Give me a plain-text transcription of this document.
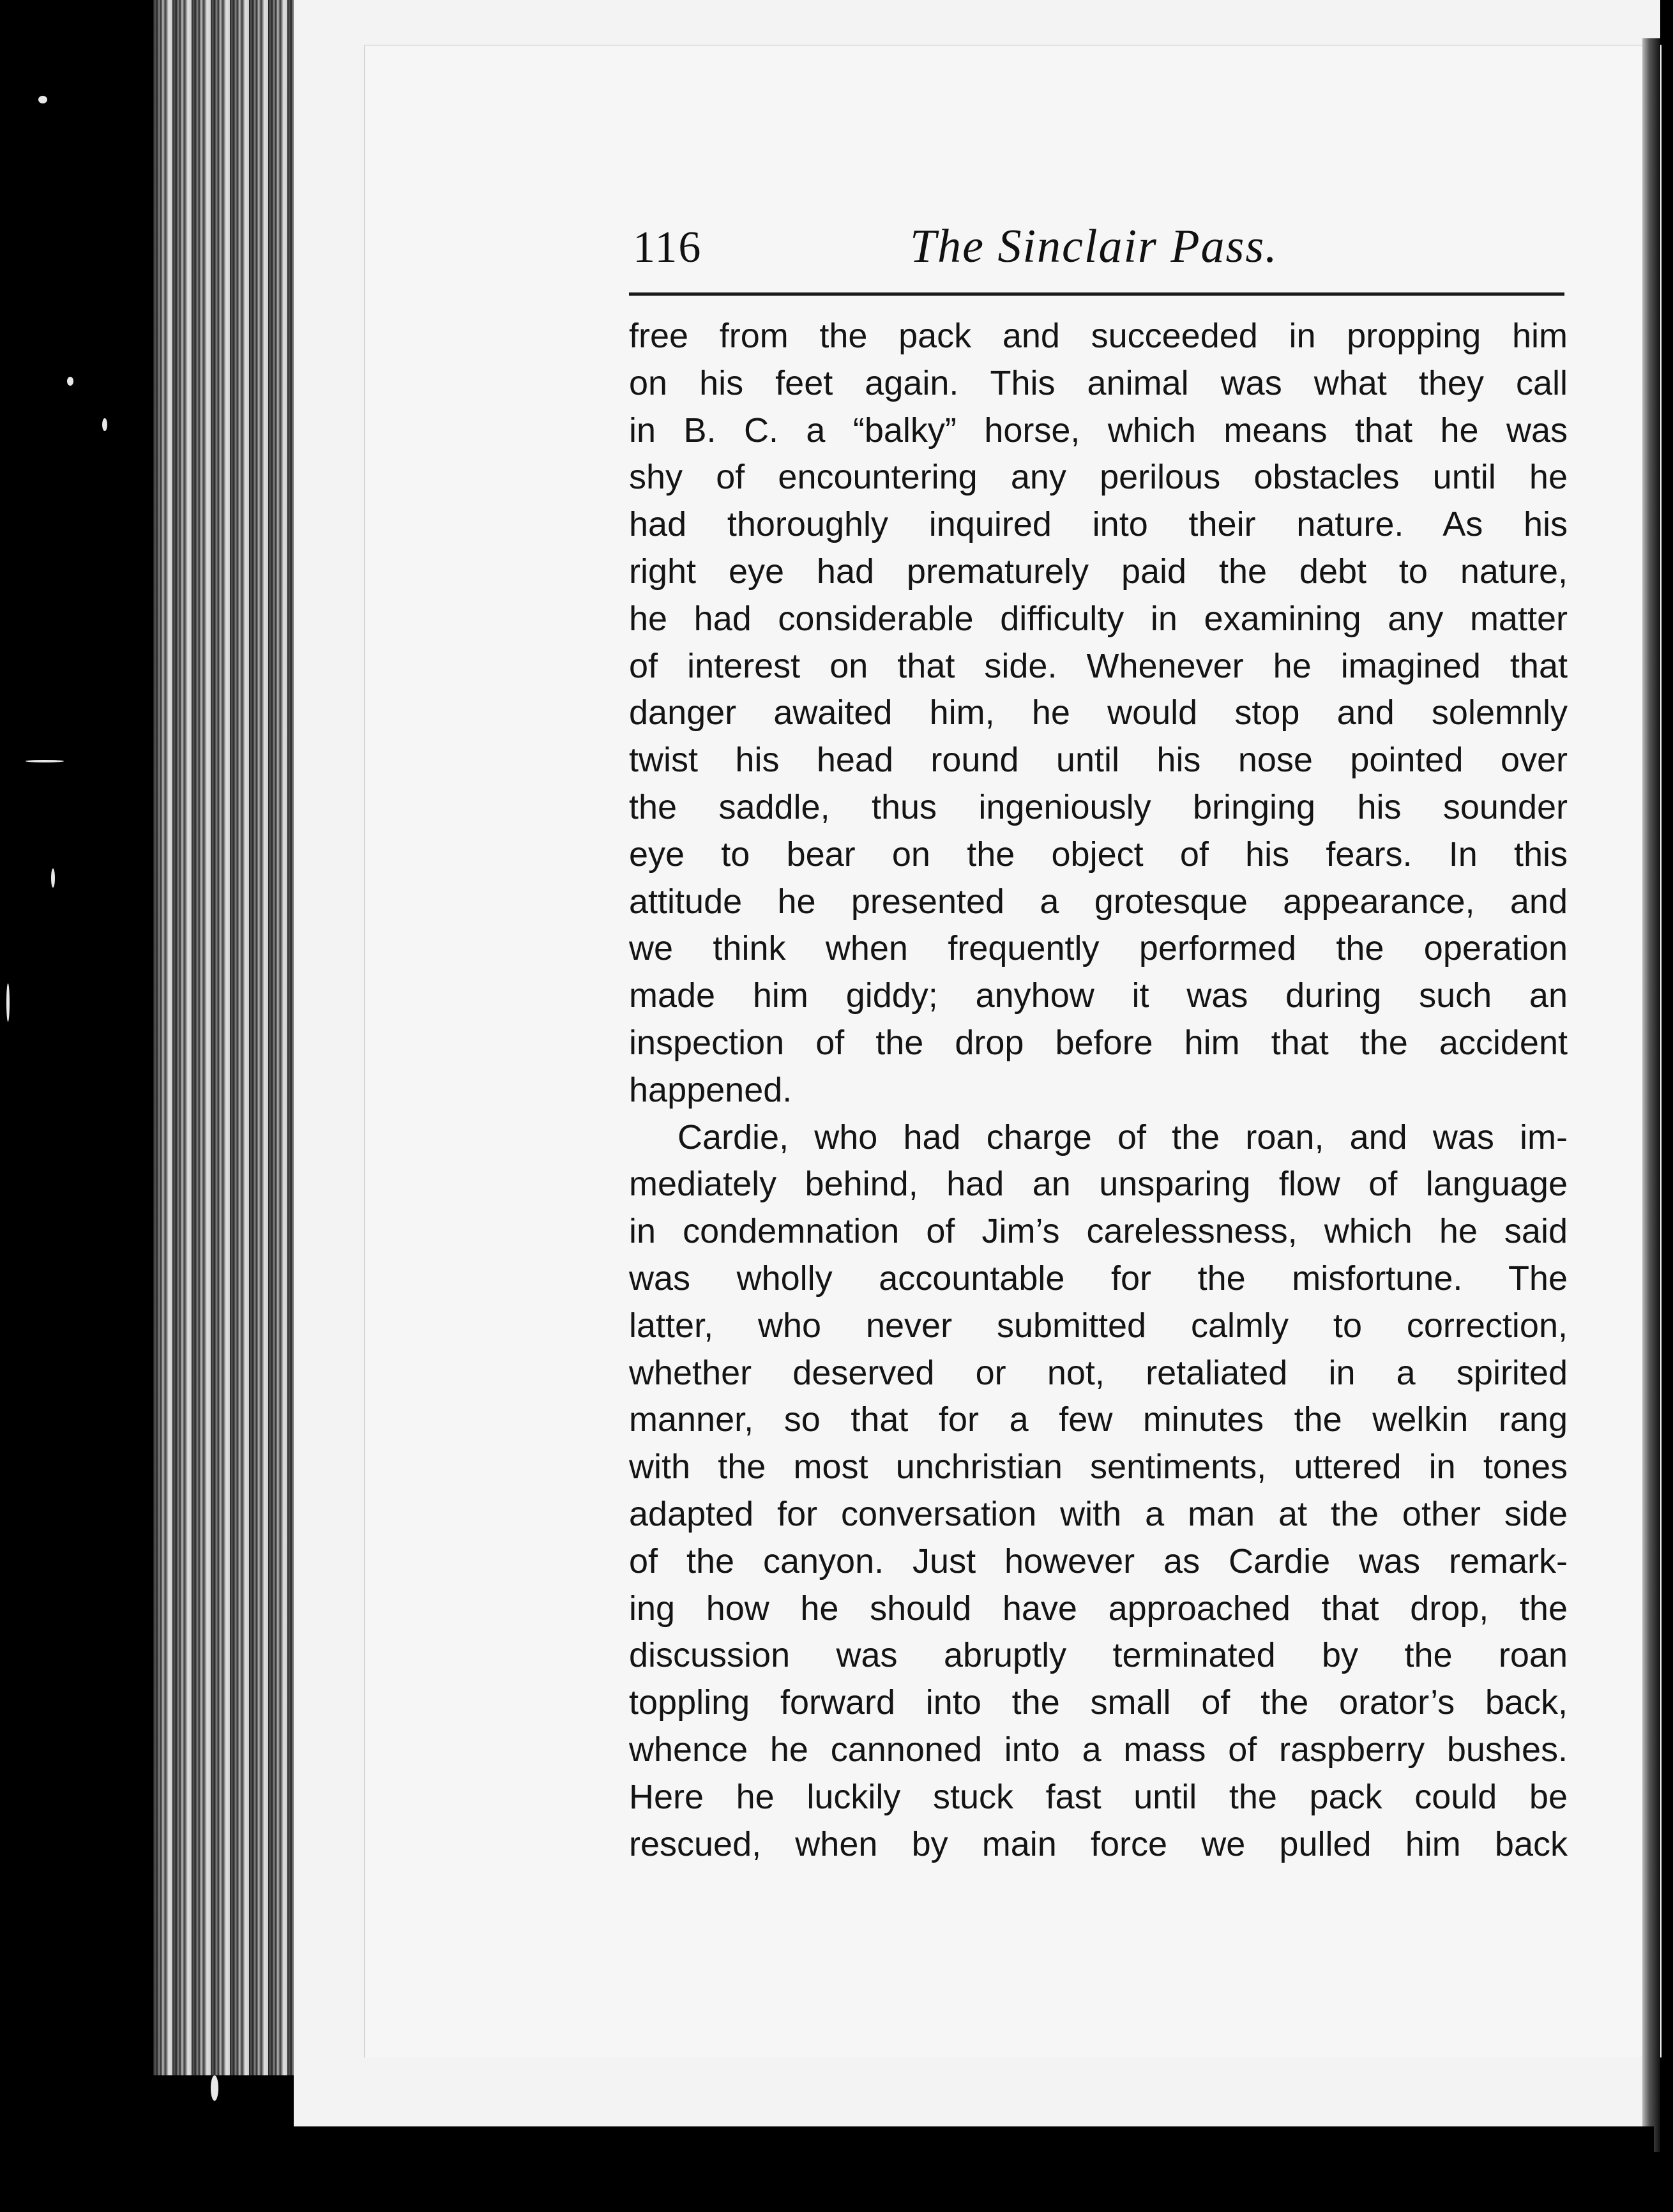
116	The Sinclair Pass.
free from the pack and succeeded in propping him
on his feet again. This animal was what they call
in B. C. a “balky” horse, which means that he was
shy of encountering any perilous obstacles until he
had thoroughly inquired into their nature. As his
right eye had prematurely paid the debt to nature,
he had considerable difficulty in examining any matter
of interest on that side. Whenever he imagined that
danger awaited him, he would stop and solemnly
twist his head round until his nose pointed over
the saddle, thus ingeniously bringing his sounder
eye to bear on the object of his fears. In this
attitude he presented a grotesque appearance, and
we think when frequently performed the operation
made him giddy; anyhow it was during such an
inspection of the drop before him that the accident
happened.
Cardie, who had charge of the roan, and was im-
mediately behind, had an unsparing flow of language
in condemnation of Jim’s carelessness, which he said
was wholly accountable for the misfortune. The
latter, who never submitted calmly to correction,
whether deserved or not, retaliated in a spirited
manner, so that for a few minutes the welkin rang
with the most unchristian sentiments, uttered in tones
adapted for conversation with a man at the other side
of the canyon. Just however as Cardie was remark-
ing how he should have approached that drop, the
discussion was abruptly terminated by the roan
toppling forward into the small of the orator’s back,
whence he cannoned into a mass of raspberry bushes.
Here he luckily stuck fast until the pack could be
rescued, when by main force we pulled him back
